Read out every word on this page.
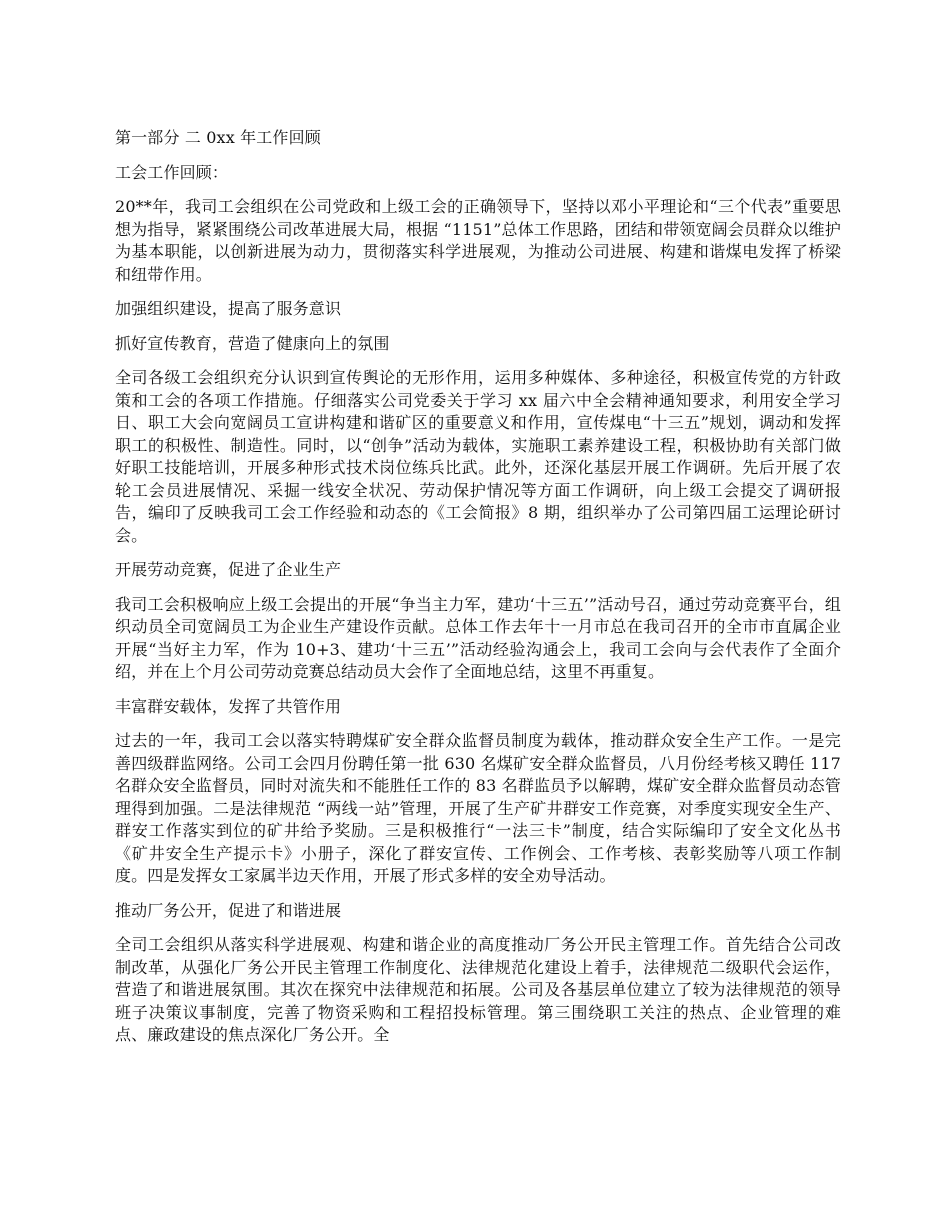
第一部分 二 0xx 年工作回顾

工会工作回顾：

20**年，我司工会组织在公司党政和上级工会的正确领导下，坚持以邓小平理论和“三个代表”重要思想为指导，紧紧围绕公司改革进展大局，根据 “1151”总体工作思路，团结和带领宽阔会员群众以维护为基本职能，以创新进展为动力，贯彻落实科学进展观，为推动公司进展、构建和谐煤电发挥了桥梁和纽带作用。

加强组织建设，提高了服务意识

抓好宣传教育，营造了健康向上的氛围

全司各级工会组织充分认识到宣传舆论的无形作用，运用多种媒体、多种途径，积极宣传党的方针政策和工会的各项工作措施。仔细落实公司党委关于学习 xx 届六中全会精神通知要求，利用安全学习日、职工大会向宽阔员工宣讲构建和谐矿区的重要意义和作用，宣传煤电“十三五”规划，调动和发挥职工的积极性、制造性。同时，以“创争”活动为载体，实施职工素养建设工程，积极协助有关部门做好职工技能培训，开展多种形式技术岗位练兵比武。此外，还深化基层开展工作调研。先后开展了农轮工会员进展情况、采掘一线安全状况、劳动保护情况等方面工作调研，向上级工会提交了调研报告，编印了反映我司工会工作经验和动态的《工会简报》8 期，组织举办了公司第四届工运理论研讨会。

开展劳动竞赛，促进了企业生产

我司工会积极响应上级工会提出的开展“争当主力军，建功‘十三五’”活动号召，通过劳动竞赛平台，组织动员全司宽阔员工为企业生产建设作贡献。总体工作去年十一月市总在我司召开的全市市直属企业开展“当好主力军，作为 10+3、建功‘十三五’”活动经验沟通会上，我司工会向与会代表作了全面介绍，并在上个月公司劳动竞赛总结动员大会作了全面地总结，这里不再重复。

丰富群安载体，发挥了共管作用

过去的一年，我司工会以落实特聘煤矿安全群众监督员制度为载体，推动群众安全生产工作。一是完善四级群监网络。公司工会四月份聘任第一批 630 名煤矿安全群众监督员，八月份经考核又聘任 117 名群众安全监督员，同时对流失和不能胜任工作的 83 名群监员予以解聘，煤矿安全群众监督员动态管理得到加强。二是法律规范 “两线一站”管理，开展了生产矿井群安工作竞赛，对季度实现安全生产、群安工作落实到位的矿井给予奖励。三是积极推行“一法三卡”制度，结合实际编印了安全文化丛书《矿井安全生产提示卡》小册子，深化了群安宣传、工作例会、工作考核、表彰奖励等八项工作制度。四是发挥女工家属半边天作用，开展了形式多样的安全劝导活动。

推动厂务公开，促进了和谐进展

全司工会组织从落实科学进展观、构建和谐企业的高度推动厂务公开民主管理工作。首先结合公司改制改革，从强化厂务公开民主管理工作制度化、法律规范化建设上着手，法律规范二级职代会运作，营造了和谐进展氛围。其次在探究中法律规范和拓展。公司及各基层单位建立了较为法律规范的领导班子决策议事制度，完善了物资采购和工程招投标管理。第三围绕职工关注的热点、企业管理的难点、廉政建设的焦点深化厂务公开。全
